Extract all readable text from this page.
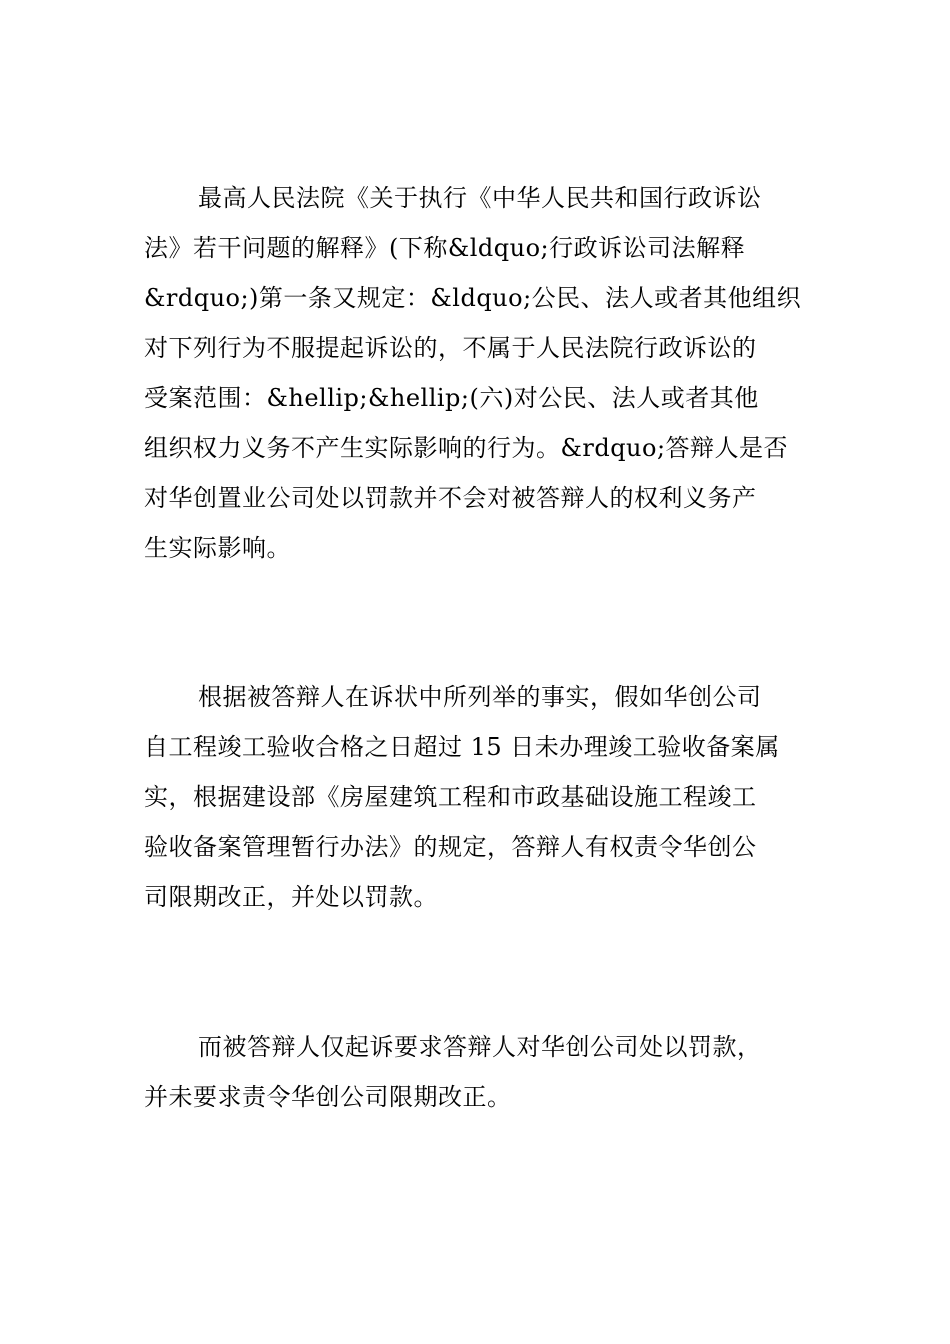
最高人民法院《关于执行《中华人民共和国行政诉讼
法》若干问题的解释》(下称&ldquo;行政诉讼司法解释
&rdquo;)第一条又规定：&ldquo;公民、法人或者其他组织
对下列行为不服提起诉讼的，不属于人民法院行政诉讼的
受案范围：&hellip;&hellip;(六)对公民、法人或者其他
组织权力义务不产生实际影响的行为。&rdquo;答辩人是否
对华创置业公司处以罚款并不会对被答辩人的权利义务产
生实际影响。

根据被答辩人在诉状中所列举的事实，假如华创公司
自工程竣工验收合格之日超过 15 日未办理竣工验收备案属
实，根据建设部《房屋建筑工程和市政基础设施工程竣工
验收备案管理暂行办法》的规定，答辩人有权责令华创公
司限期改正，并处以罚款。

而被答辩人仅起诉要求答辩人对华创公司处以罚款，
并未要求责令华创公司限期改正。
